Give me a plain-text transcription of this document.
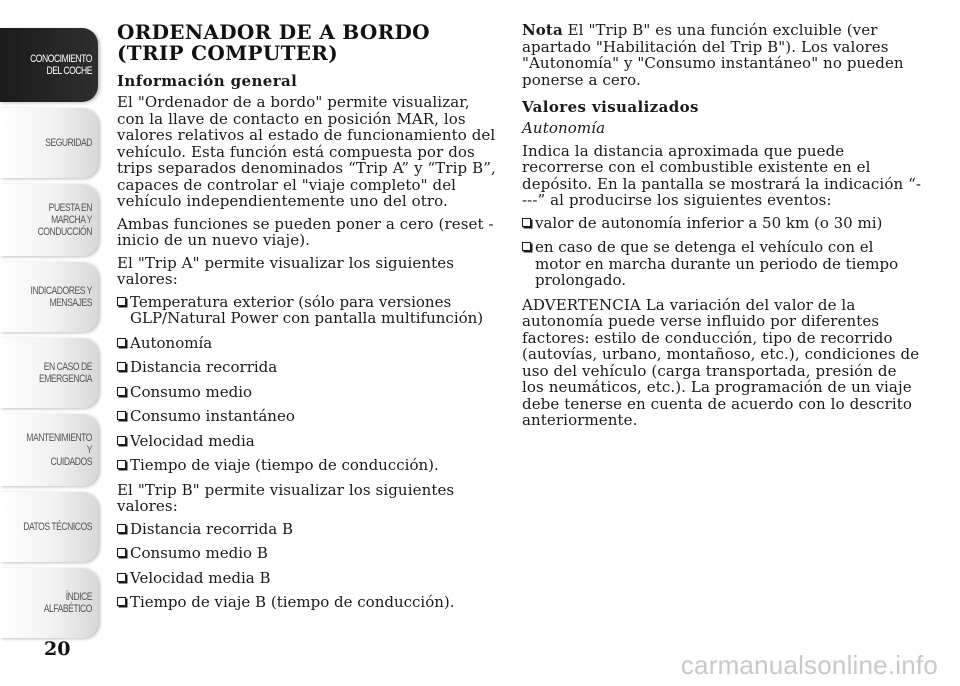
CONOCIMIENTO
DEL COCHE
SEGURIDAD
PUESTA EN
MARCHA Y
CONDUCCIÓN
INDICADORES Y
MENSAJES
EN CASO DE
EMERGENCIA
MANTENIMIENTO Y
CUIDADOS
DATOS TÉCNICOS
ÍNDICE
ALFABÉTICO
20
ORDENADOR DE A BORDO (TRIP COMPUTER)
Información general

El "Ordenador de a bordo" permite visualizar, con la llave de contacto en posición MAR, los valores relativos al estado de funcionamiento del vehículo. Esta función está compuesta por dos trips separados denominados “Trip A” y “Trip B”, capaces de controlar el "viaje completo" del vehículo independientemente uno del otro.

Ambas funciones se pueden poner a cero (reset - inicio de un nuevo viaje).

El "Trip A" permite visualizar los siguientes valores:

Temperatura exterior (sólo para versiones GLP/Natural Power con pantalla multifunción)
Autonomía
Distancia recorrida
Consumo medio
Consumo instantáneo
Velocidad media
Tiempo de viaje (tiempo de conducción).

El "Trip B" permite visualizar los siguientes valores:

Distancia recorrida B
Consumo medio B
Velocidad media B
Tiempo de viaje B (tiempo de conducción).

Nota El "Trip B" es una función excluible (ver apartado "Habilitación del Trip B"). Los valores "Autonomía" y "Consumo instantáneo" no pueden ponerse a cero.

Valores visualizados

Autonomía

Indica la distancia aproximada que puede recorrerse con el combustible existente en el depósito. En la pantalla se mostrará la indicación “----” al producirse los siguientes eventos:

valor de autonomía inferior a 50 km (o 30 mi)
en caso de que se detenga el vehículo con el motor en marcha durante un periodo de tiempo prolongado.

ADVERTENCIA La variación del valor de la autonomía puede verse influido por diferentes factores: estilo de conducción, tipo de recorrido (autovías, urbano, montañoso, etc.), condiciones de uso del vehículo (carga transportada, presión de los neumáticos, etc.). La programación de un viaje debe tenerse en cuenta de acuerdo con lo descrito anteriormente.

carmanualsonline.info
